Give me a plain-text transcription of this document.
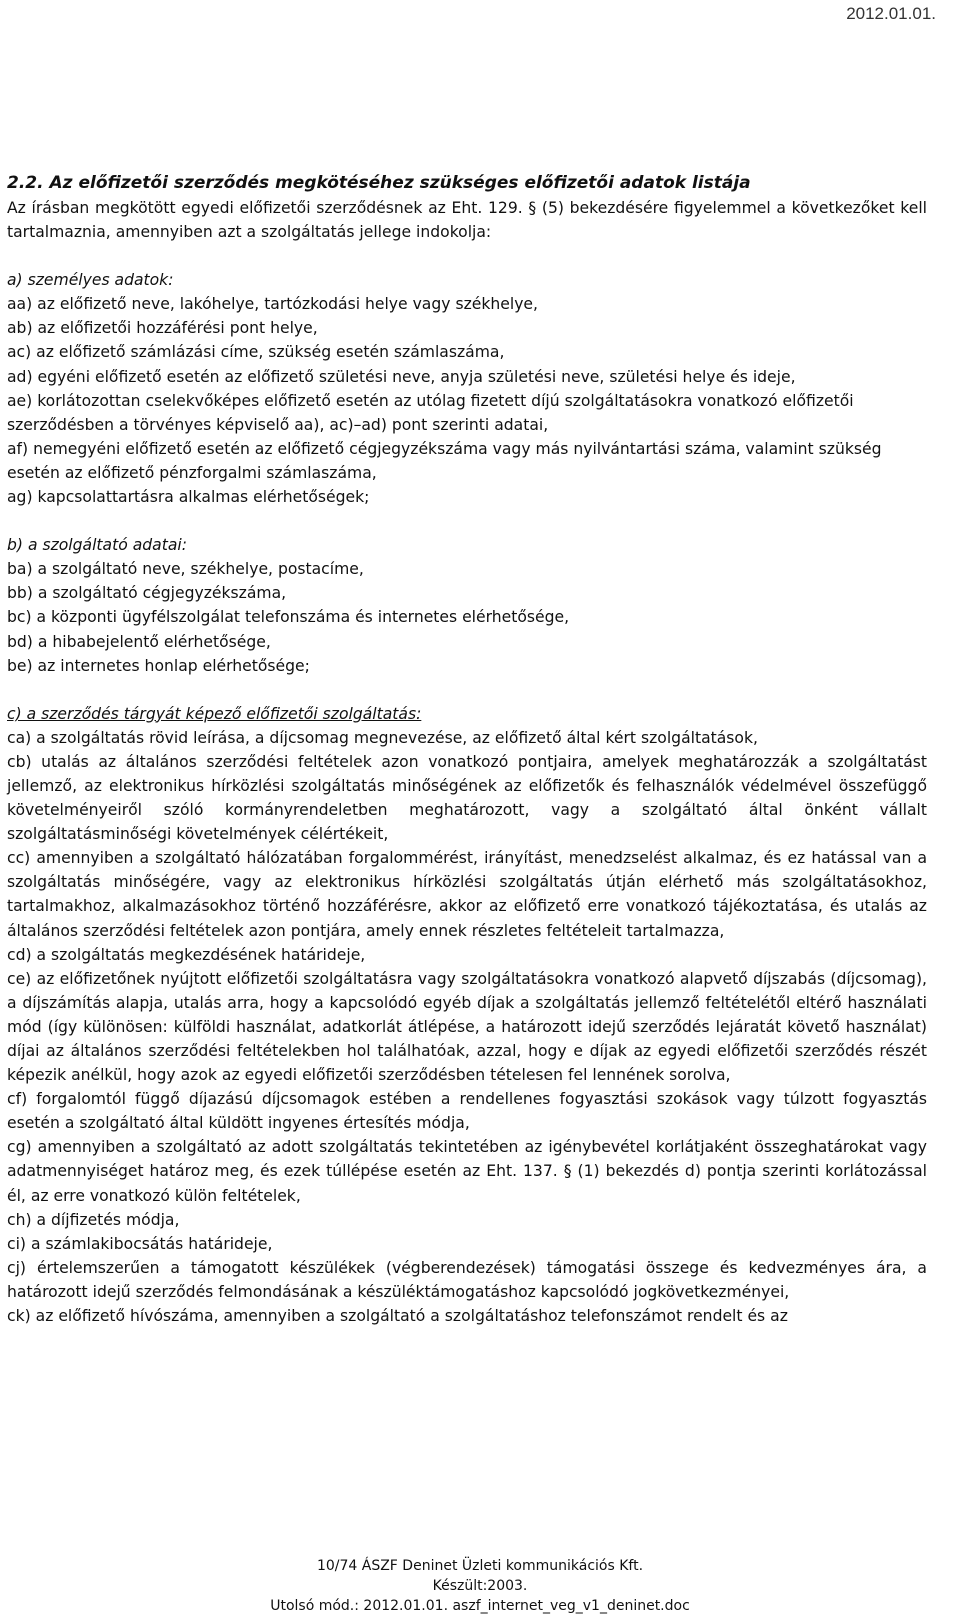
2012.01.01.
2.2. Az előfizetői szerződés megkötéséhez szükséges előfizetői adatok listája
Az írásban megkötött egyedi előfizetői szerződésnek az Eht. 129. § (5) bekezdésére figyelemmel a következőket kell tartalmaznia, amennyiben azt a szolgáltatás jellege indokolja:
a) személyes adatok:
aa) az előfizető neve, lakóhelye, tartózkodási helye vagy székhelye,
ab) az előfizetői hozzáférési pont helye,
ac) az előfizető számlázási címe, szükség esetén számlaszáma,
ad) egyéni előfizető esetén az előfizető születési neve, anyja születési neve, születési helye és ideje,
ae) korlátozottan cselekvőképes előfizető esetén az utólag fizetett díjú szolgáltatásokra vonatkozó előfizetői
szerződésben a törvényes képviselő aa), ac)–ad) pont szerinti adatai,
af) nemegyéni előfizető esetén az előfizető cégjegyzékszáma vagy más nyilvántartási száma, valamint szükség
esetén az előfizető pénzforgalmi számlaszáma,
ag) kapcsolattartásra alkalmas elérhetőségek;
b) a szolgáltató adatai:
ba) a szolgáltató neve, székhelye, postacíme,
bb) a szolgáltató cégjegyzékszáma,
bc) a központi ügyfélszolgálat telefonszáma és internetes elérhetősége,
bd) a hibabejelentő elérhetősége,
be) az internetes honlap elérhetősége;
c) a szerződés tárgyát képező előfizetői szolgáltatás:
ca) a szolgáltatás rövid leírása, a díjcsomag megnevezése, az előfizető által kért szolgáltatások,
cb) utalás az általános szerződési feltételek azon vonatkozó pontjaira, amelyek meghatározzák a szolgáltatást jellemző, az elektronikus hírközlési szolgáltatás minőségének az előfizetők és felhasználók védelmével összefüggő követelményeiről szóló kormányrendeletben meghatározott, vagy a szolgáltató által önként vállalt szolgáltatásminőségi követelmények célértékeit,
cc) amennyiben a szolgáltató hálózatában forgalommérést, irányítást, menedzselést alkalmaz, és ez hatással van a szolgáltatás minőségére, vagy az elektronikus hírközlési szolgáltatás útján elérhető más szolgáltatásokhoz, tartalmakhoz, alkalmazásokhoz történő hozzáférésre, akkor az előfizető erre vonatkozó tájékoztatása, és utalás az általános szerződési feltételek azon pontjára, amely ennek részletes feltételeit tartalmazza,
cd) a szolgáltatás megkezdésének határideje,
ce) az előfizetőnek nyújtott előfizetői szolgáltatásra vagy szolgáltatásokra vonatkozó alapvető díjszabás (díjcsomag), a díjszámítás alapja, utalás arra, hogy a kapcsolódó egyéb díjak a szolgáltatás jellemző feltételétől eltérő használati mód (így különösen: külföldi használat, adatkorlát átlépése, a határozott idejű szerződés lejáratát követő használat) díjai az általános szerződési feltételekben hol találhatóak, azzal, hogy e díjak az egyedi előfizetői szerződés részét képezik anélkül, hogy azok az egyedi előfizetői szerződésben tételesen fel lennének sorolva,
cf) forgalomtól függő díjazású díjcsomagok estében a rendellenes fogyasztási szokások vagy túlzott fogyasztás esetén a szolgáltató által küldött ingyenes értesítés módja,
cg) amennyiben a szolgáltató az adott szolgáltatás tekintetében az igénybevétel korlátjaként összeghatárokat vagy adatmennyiséget határoz meg, és ezek túllépése esetén az Eht. 137. § (1) bekezdés d) pontja szerinti korlátozással él, az erre vonatkozó külön feltételek,
ch) a díjfizetés módja,
ci) a számlakibocsátás határideje,
cj) értelemszerűen a támogatott készülékek (végberendezések) támogatási összege és kedvezményes ára, a határozott idejű szerződés felmondásának a készüléktámogatáshoz kapcsolódó jogkövetkezményei,
ck) az előfizető hívószáma, amennyiben a szolgáltató a szolgáltatáshoz telefonszámot rendelt és az
10/74 ÁSZF Deninet Üzleti kommunikációs Kft.
Készült:2003.
Utolsó mód.: 2012.01.01. aszf_internet_veg_v1_deninet.doc
